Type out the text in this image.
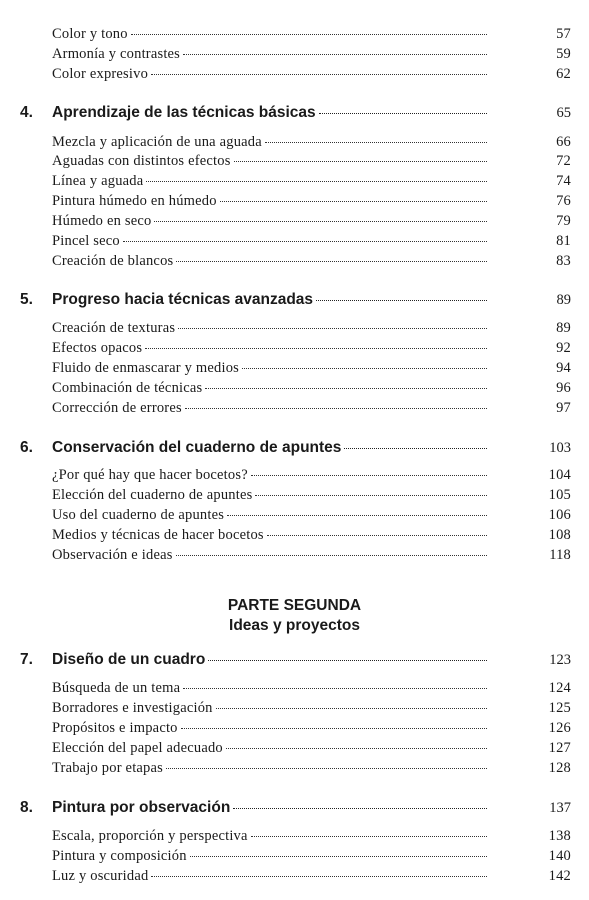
Color y tono	57
Armonía y contrastes	59
Color expresivo	62
4.	Aprendizaje de las técnicas básicas	65
Mezcla y aplicación de una aguada	66
Aguadas con distintos efectos	72
Línea y aguada	74
Pintura húmedo en húmedo	76
Húmedo en seco	79
Pincel seco	81
Creación de blancos	83
5.	Progreso hacia técnicas avanzadas	89
Creación de texturas	89
Efectos opacos	92
Fluido de enmascarar y medios	94
Combinación de técnicas	96
Corrección de errores	97
6.	Conservación del cuaderno de apuntes	103
¿Por qué hay que hacer bocetos?	104
Elección del cuaderno de apuntes	105
Uso del cuaderno de apuntes	106
Medios y técnicas de hacer bocetos	108
Observación e ideas	118
PARTE SEGUNDA
Ideas y proyectos
7.	Diseño de un cuadro	123
Búsqueda de un tema	124
Borradores e investigación	125
Propósitos e impacto	126
Elección del papel adecuado	127
Trabajo por etapas	128
8.	Pintura por observación	137
Escala, proporción y perspectiva	138
Pintura y composición	140
Luz y oscuridad	142
